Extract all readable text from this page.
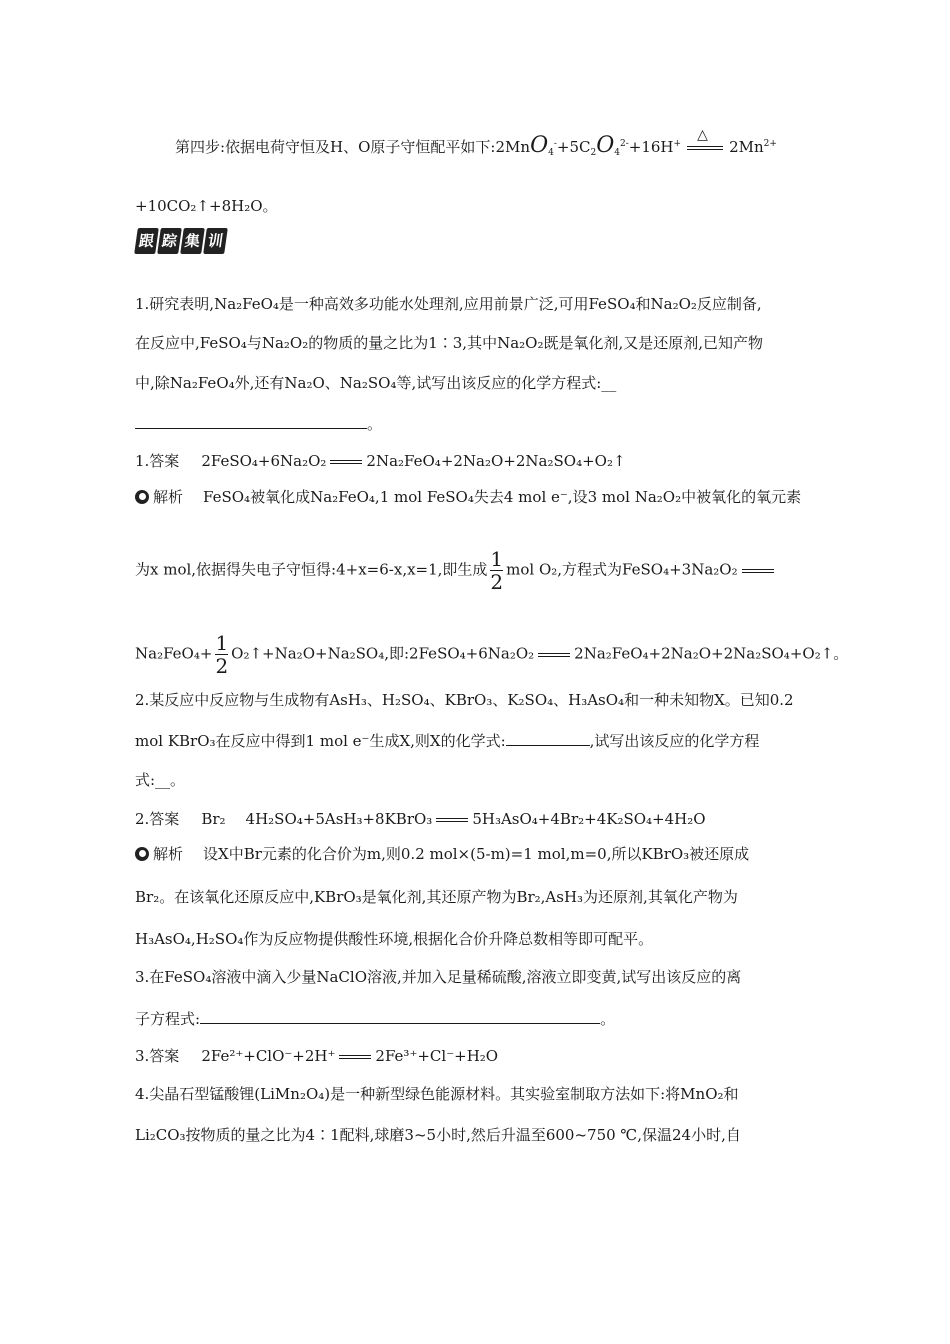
第四步:依据电荷守恒及H、O原子守恒配平如下$:2MnO_4^-+5C_2O_4^{2-}+16H^+$
△
$2Mn^{2+}$
+10CO₂↑+8H₂O。
跟 踪 集 训
1.研究表明,Na₂FeO₄是一种高效多功能水处理剂,应用前景广泛,可用FeSO₄和Na₂O₂反应制备,
在反应中,FeSO₄与Na₂O₂的物质的量之比为1∶3,其中Na₂O₂既是氧化剂,又是还原剂,已知产物
中,除Na₂FeO₄外,还有Na₂O、Na₂SO₄等,试写出该反应的化学方程式:__
。
1.答案 2FeSO₄+6Na₂O₂	2Na₂FeO₄+2Na₂O+2Na₂SO₄+O₂↑
解析 FeSO₄被氧化成Na₂FeO₄,1 mol FeSO₄失去4 mol e⁻,设3 mol Na₂O₂中被氧化的氧元素
为x mol,依据得失电子守恒得:4+x=6-x,x=1,即生成 $\frac{1}{2}$ mol O₂,方程式为FeSO₄+3Na₂O₂
$Na_2FeO_4+ \frac{1}{2}$ O₂↑+Na₂O+Na₂SO₄,即:2FeSO₄+6Na₂O₂	2Na₂FeO₄+2Na₂O+2Na₂SO₄+O₂↑。
2.某反应中反应物与生成物有AsH₃、H₂SO₄、KBrO₃、K₂SO₄、H₃AsO₄和一种未知物X。已知0.2
mol KBrO₃在反应中得到1 mol e⁻生成X,则X的化学式:	,试写出该反应的化学方程
式:__。
2.答案 Br₂ 4H₂SO₄+5AsH₃+8KBrO₃	5H₃AsO₄+4Br₂+4K₂SO₄+4H₂O
解析 设X中Br元素的化合价为m,则0.2 mol×(5-m)=1 mol,m=0,所以KBrO₃被还原成
Br₂。在该氧化还原反应中,KBrO₃是氧化剂,其还原产物为Br₂,AsH₃为还原剂,其氧化产物为
H₃AsO₄,H₂SO₄作为反应物提供酸性环境,根据化合价升降总数相等即可配平。
3.在FeSO₄溶液中滴入少量NaClO溶液,并加入足量稀硫酸,溶液立即变黄,试写出该反应的离
子方程式:	。
3.答案 2Fe²⁺+ClO⁻+2H⁺	2Fe³⁺+Cl⁻+H₂O
4.尖晶石型锰酸锂(LiMn₂O₄)是一种新型绿色能源材料。其实验室制取方法如下:将MnO₂和
Li₂CO₃按物质的量之比为4∶1配料,球磨3~5小时,然后升温至600~750 ℃,保温24小时,自
